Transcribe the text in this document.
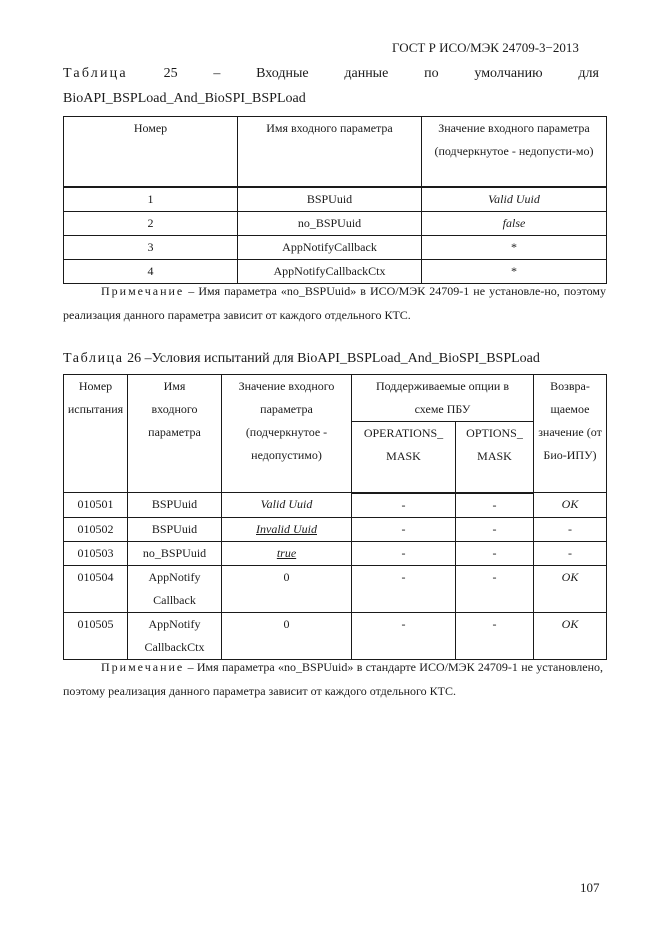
ГОСТ Р ИСО/МЭК 24709-3−2013
Таблица	25	–	Входные	данные	по	умолчанию	для
BioAPI_BSPLoad_And_BioSPI_BSPLoad
Номер	Имя входного параметра	Значение входного параметра (подчеркнутое - недопусти-мо)
1	BSPUuid	Valid Uuid
2	no_BSPUuid	false
3	AppNotifyCallback	*
4	AppNotifyCallbackCtx	*
Примечание – Имя параметра «no_BSPUuid» в ИСО/МЭК 24709-1 не установле-но, поэтому реализация данного параметра зависит от каждого отдельного КТС.
Таблица 26 –Условия испытаний для BioAPI_BSPLoad_And_BioSPI_BSPLoad
Номер испытания	Имя входного параметра	Значение входного параметра (подчеркнутое - недопустимо)	Поддерживаемые опции в схеме ПБУ		Возвра-щаемое значение (от Био-ИПУ)
			OPERATIONS_ MASK	OPTIONS_ MASK	
010501	BSPUuid	Valid Uuid	-	-	OK
010502	BSPUuid	Invalid Uuid	-	-	-
010503	no_BSPUuid	true	-	-	-
010504	AppNotify Callback	0	-	-	OK
010505	AppNotify CallbackCtx	0	-	-	OK
Примечание – Имя параметра «no_BSPUuid» в стандарте ИСО/МЭК 24709-1 не установлено, поэтому реализация данного параметра зависит от каждого отдельного КТС.
107
